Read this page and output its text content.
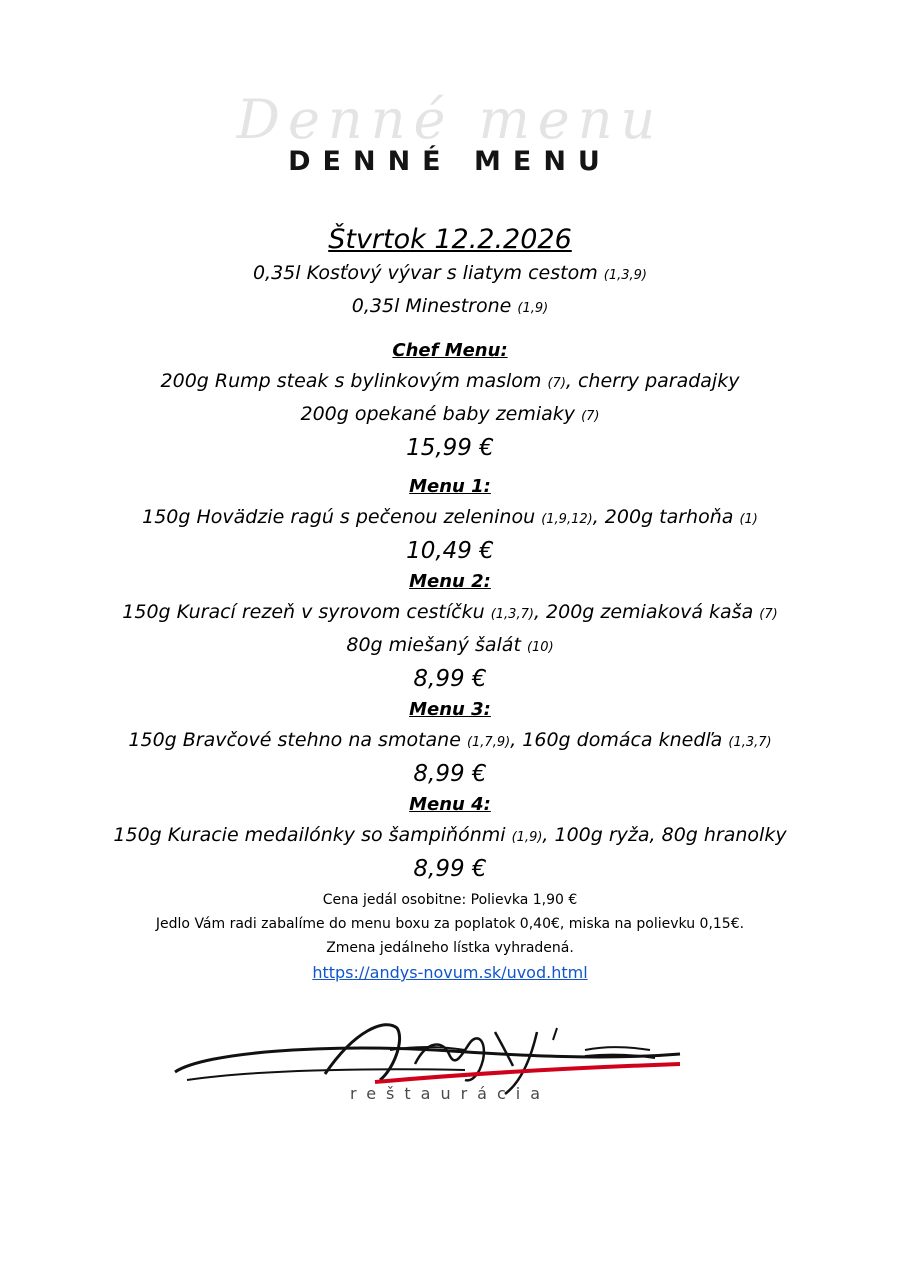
Denné menu
DENNÉ MENU
Štvrtok 12.2.2026
0,35l Kosťový vývar s liatym cestom (1,3,9)
0,35l Minestrone (1,9)
Chef Menu:
200g Rump steak s bylinkovým maslom (7), cherry paradajky
200g opekané baby zemiaky (7)
15,99 €
Menu 1:
150g Hovädzie ragú s pečenou zeleninou (1,9,12), 200g tarhoňa (1)
10,49 €
Menu 2:
150g Kurací rezeň v syrovom cestíčku (1,3,7), 200g zemiaková kaša (7)
80g miešaný šalát (10)
8,99 €
Menu 3:
150g Bravčové stehno na smotane (1,7,9), 160g domáca knedľa (1,3,7)
8,99 €
Menu 4:
150g Kuracie medailónky so šampiňónmi (1,9), 100g ryža, 80g hranolky
8,99 €
Cena jedál osobitne: Polievka 1,90 €
Jedlo Vám radi zabalíme do menu boxu za poplatok 0,40€, miska na polievku 0,15€.
Zmena jedálneho lístka vyhradená.
https://andys-novum.sk/uvod.html
Andy's
reštaurácia
